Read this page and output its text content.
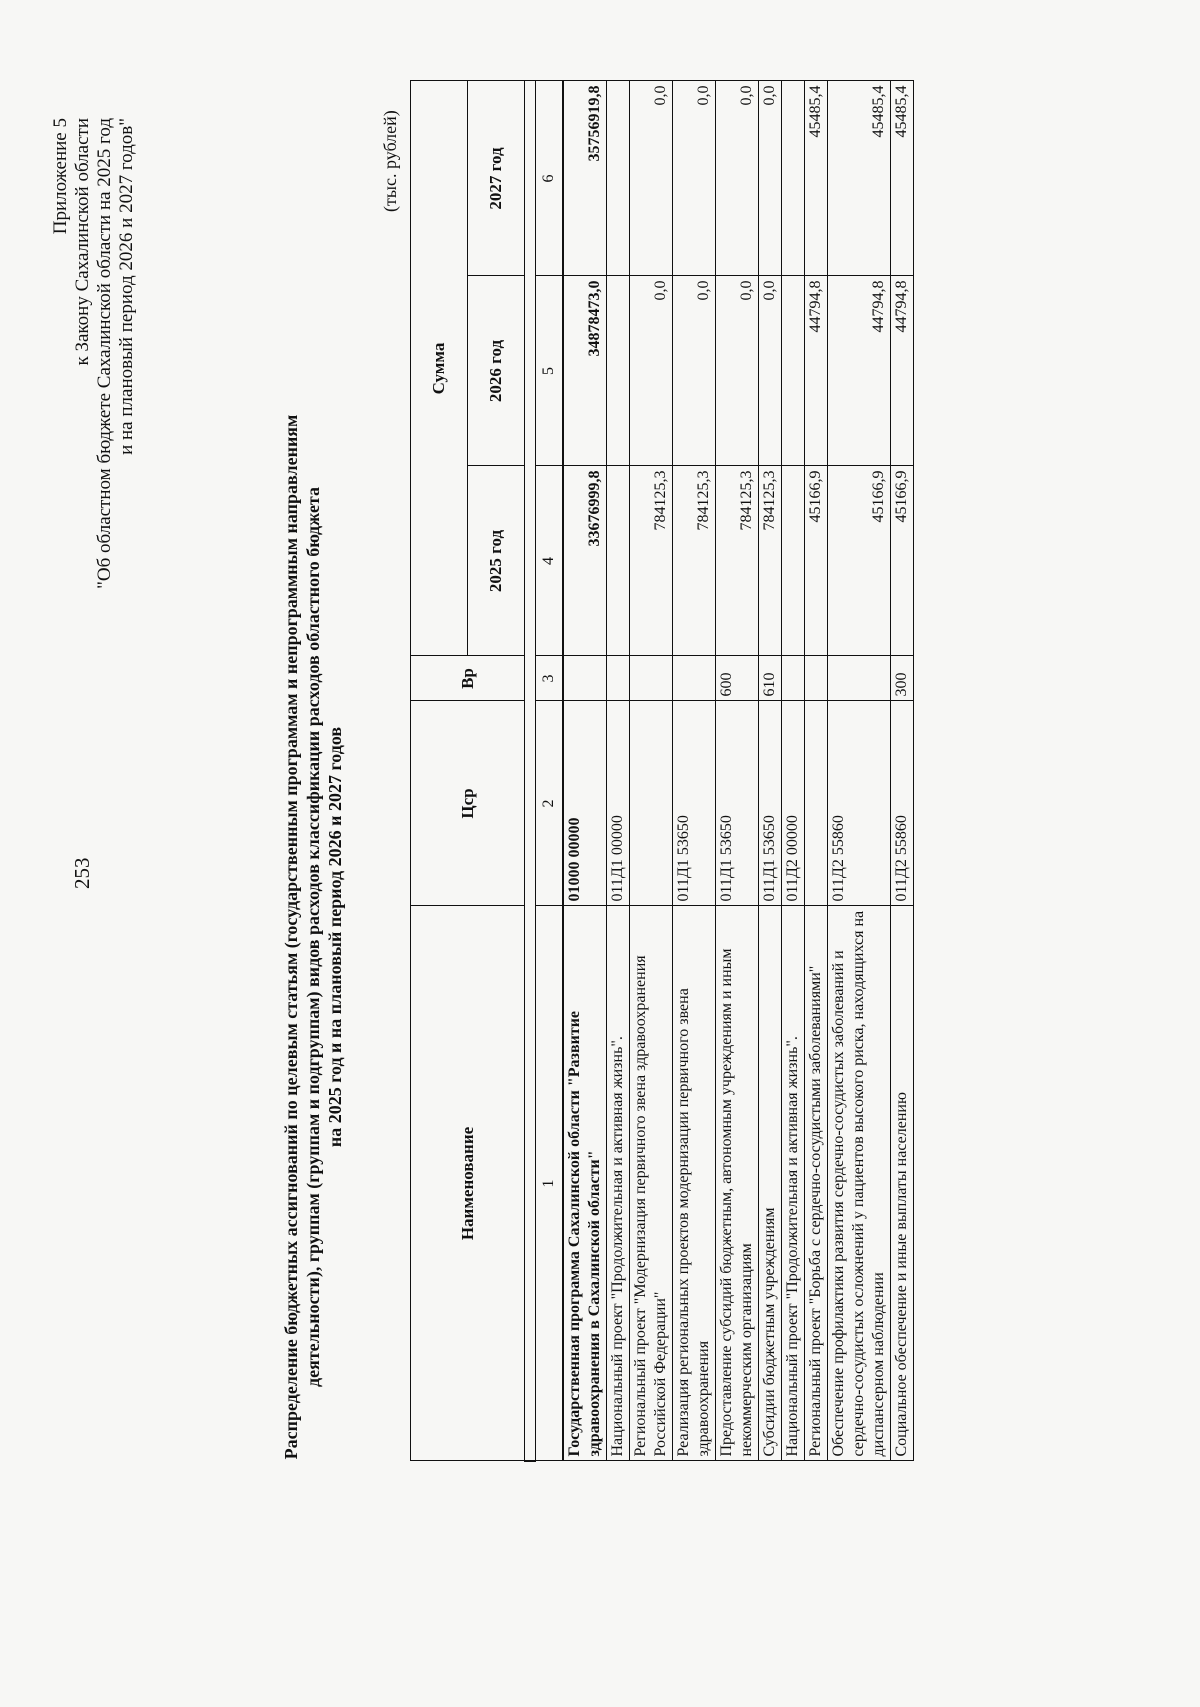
253
Приложение 5 к Закону Сахалинской области "Об областном бюджете Сахалинской области на 2025 год и на плановый период 2026 и 2027 годов"
Распределение бюджетных ассигнований по целевым статьям (государственным программам и непрограммным направлениям деятельности), группам (группам и подгруппам) видов расходов классификации расходов областного бюджета на 2025 год и на плановый период 2026 и 2027 годов
(тыс. рублей)
Наименование	Цср	Вр	Сумма		
			2025 год	2026 год	2027 год

1	2	3	4	5	6
Государственная программа Сахалинской области "Развитие здравоохранения в Сахалинской области"	01000 00000		33676999,8	34878473,0	35756919,8
Национальный проект "Продолжительная и активная жизнь".	011Д1 00000				
Региональный проект "Модернизация первичного звена здравоохранения Российской Федерации"			784125,3	0,0	0,0
Реализация региональных проектов модернизации первичного звена здравоохранения	011Д1 53650		784125,3	0,0	0,0
Предоставление субсидий бюджетным, автономным учреждениям и иным некоммерческим организациям	011Д1 53650	600	784125,3	0,0	0,0
Субсидии бюджетным учреждениям	011Д1 53650	610	784125,3	0,0	0,0
Национальный проект "Продолжительная и активная жизнь".	011Д2 00000				
Региональный проект "Борьба с сердечно-сосудистыми заболеваниями"			45166,9	44794,8	45485,4
Обеспечение профилактики развития сердечно-сосудистых заболеваний и сердечно-сосудистых осложнений у пациентов высокого риска, находящихся на диспансерном наблюдении	011Д2 55860		45166,9	44794,8	45485,4
Социальное обеспечение и иные выплаты населению	011Д2 55860	300	45166,9	44794,8	45485,4
